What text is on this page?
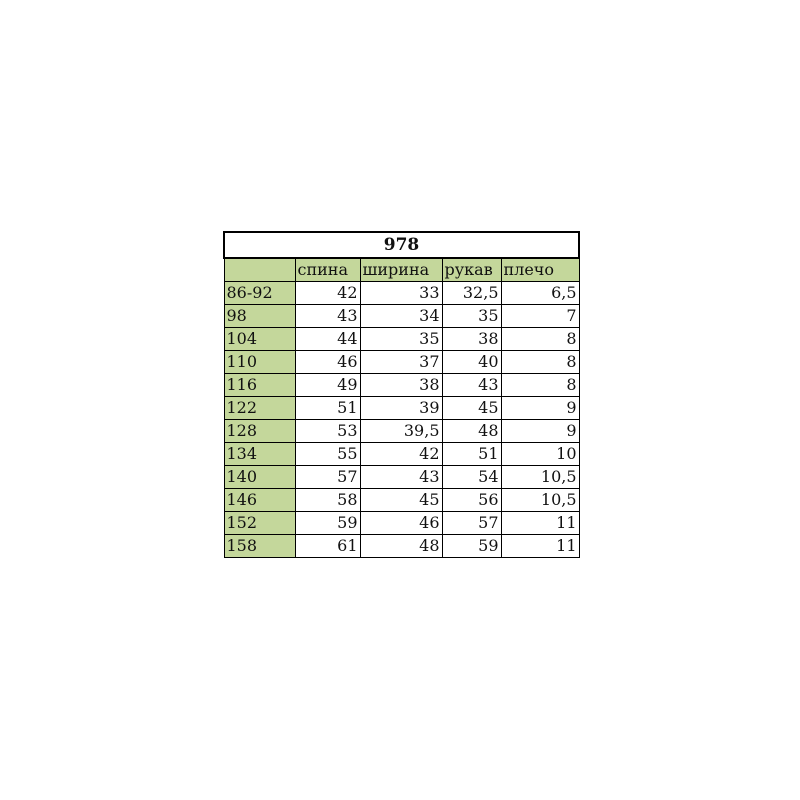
978				
	спина	ширина	рукав	плечо
86-92	42	33	32,5	6,5
98	43	34	35	7
104	44	35	38	8
110	46	37	40	8
116	49	38	43	8
122	51	39	45	9
128	53	39,5	48	9
134	55	42	51	10
140	57	43	54	10,5
146	58	45	56	10,5
152	59	46	57	11
158	61	48	59	11
